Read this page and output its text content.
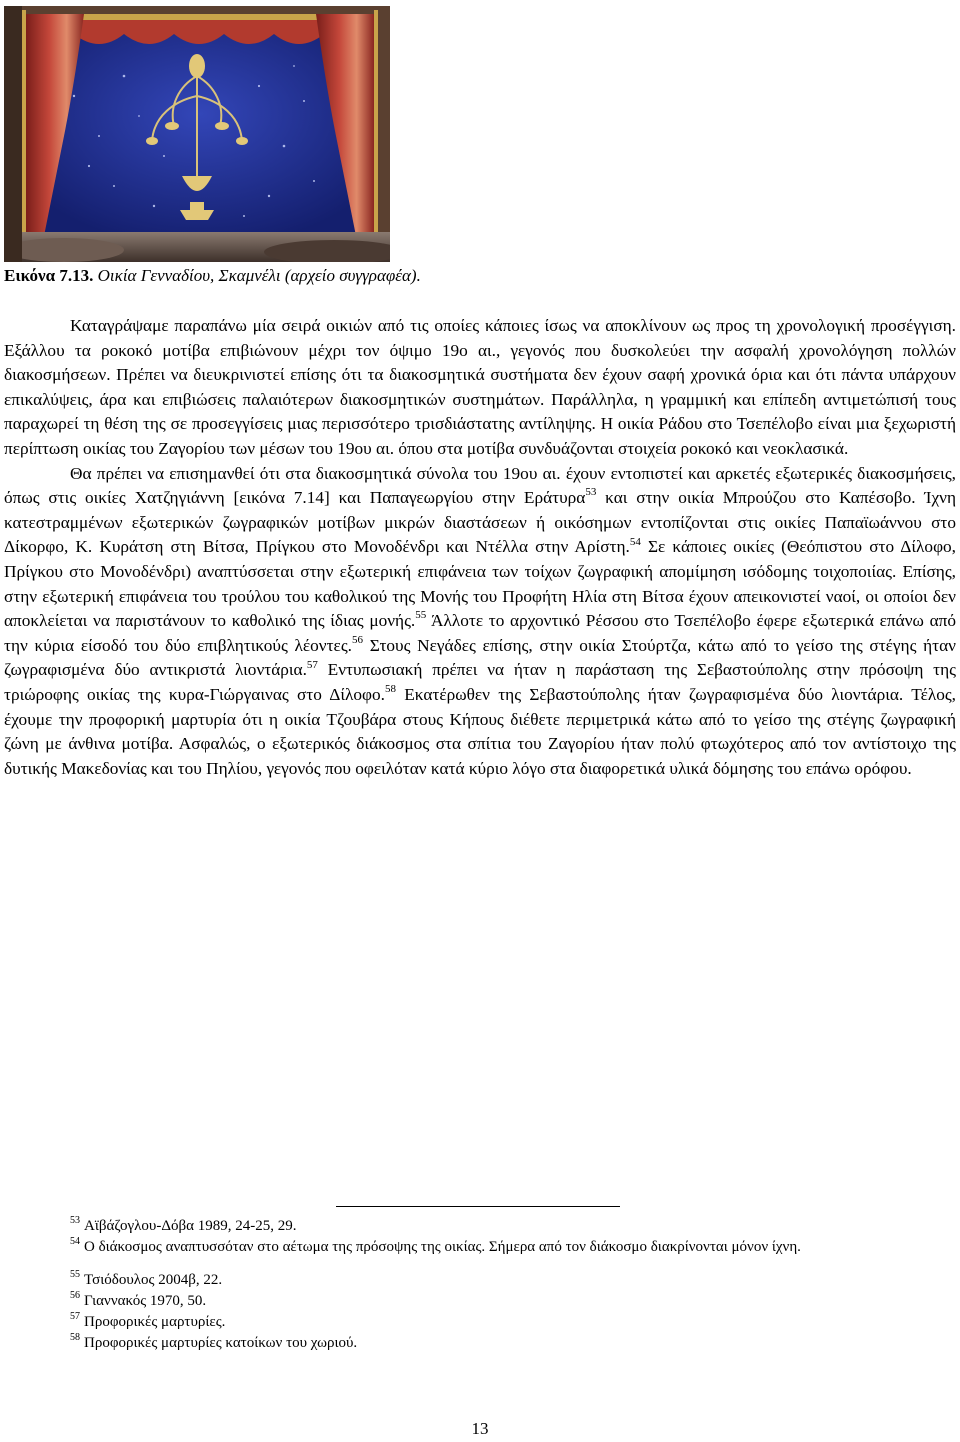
Εικόνα 7.13. Οικία Γενναδίου, Σκαμνέλι (αρχείο συγγραφέα).

Καταγράψαμε παραπάνω μία σειρά οικιών από τις οποίες κάποιες ίσως να αποκλίνουν ως προς τη χρονολογική προσέγγιση. Εξάλλου τα ροκοκό μοτίβα επιβιώνουν μέχρι τον όψιμο 19ο αι., γεγονός που δυσκολεύει την ασφαλή χρονολόγηση πολλών διακοσμήσεων. Πρέπει να διευκρινιστεί επίσης ότι τα διακοσμητικά συστήματα δεν έχουν σαφή χρονικά όρια και ότι πάντα υπάρχουν επικαλύψεις, άρα και επιβιώσεις παλαιότερων διακοσμητικών συστημάτων. Παράλληλα, η γραμμική και επίπεδη αντιμετώπισή τους παραχωρεί τη θέση της σε προσεγγίσεις μιας περισσότερο τρισδιάστατης αντίληψης. Η οικία Ράδου στο Τσεπέλοβο είναι μια ξεχωριστή περίπτωση οικίας του Ζαγορίου των μέσων του 19ου αι. όπου στα μοτίβα συνδυάζονται στοιχεία ροκοκό και νεοκλασικά.

Θα πρέπει να επισημανθεί ότι στα διακοσμητικά σύνολα του 19ου αι. έχουν εντοπιστεί και αρκετές εξωτερικές διακοσμήσεις, όπως στις οικίες Χατζηγιάννη [εικόνα 7.14] και Παπαγεωργίου στην Εράτυρα$^{53}$ και στην οικία Μπρούζου στο Καπέσοβο. Ίχνη κατεστραμμένων εξωτερικών ζωγραφικών μοτίβων μικρών διαστάσεων ή οικόσημων εντοπίζονται στις οικίες Παπαϊωάννου στο Δίκορφο, Κ. Κυράτση στη Βίτσα, Πρίγκου στο Μονοδένδρι και Ντέλλα στην Αρίστη.$^{54}$ Σε κάποιες οικίες (Θεόπιστου στο Δίλοφο, Πρίγκου στο Μονοδένδρι) αναπτύσσεται στην εξωτερική επιφάνεια των τοίχων ζωγραφική απομίμηση ισόδομης τοιχοποιίας. Επίσης, στην εξωτερική επιφάνεια του τρούλου του καθολικού της Μονής του Προφήτη Ηλία στη Βίτσα έχουν απεικονιστεί ναοί, οι οποίοι δεν αποκλείεται να παριστάνουν το καθολικό της ίδιας μονής.$^{55}$ Άλλοτε το αρχοντικό Ρέσσου στο Τσεπέλοβο έφερε εξωτερικά επάνω από την κύρια είσοδό του δύο επιβλητικούς λέοντες.$^{56}$ Στους Νεγάδες επίσης, στην οικία Στούρτζα, κάτω από το γείσο της στέγης ήταν ζωγραφισμένα δύο αντικριστά λιοντάρια.$^{57}$ Εντυπωσιακή πρέπει να ήταν η παράσταση της Σεβαστούπολης στην πρόσοψη της τριώροφης οικίας της κυρα-Γιώργαινας στο Δίλοφο.$^{58}$ Εκατέρωθεν της Σεβαστούπολης ήταν ζωγραφισμένα δύο λιοντάρια. Τέλος, έχουμε την προφορική μαρτυρία ότι η οικία Τζουβάρα στους Κήπους διέθετε περιμετρικά κάτω από το γείσο της στέγης ζωγραφική ζώνη με άνθινα μοτίβα. Ασφαλώς, ο εξωτερικός διάκοσμος στα σπίτια του Ζαγορίου ήταν πολύ φτωχότερος από τον αντίστοιχο της δυτικής Μακεδονίας και του Πηλίου, γεγονός που οφειλόταν κατά κύριο λόγο στα διαφορετικά υλικά δόμησης του επάνω ορόφου.

$^{53}$ Αϊβάζογλου-Δόβα 1989, 24-25, 29.
$^{54}$ Ο διάκοσμος αναπτυσσόταν στο αέτωμα της πρόσοψης της οικίας. Σήμερα από τον διάκοσμο διακρίνονται μόνον ίχνη.
$^{55}$ Τσιόδουλος 2004β, 22.
$^{56}$ Γιαννακός 1970, 50.
$^{57}$ Προφορικές μαρτυρίες.
$^{58}$ Προφορικές μαρτυρίες κατοίκων του χωριού.
13
